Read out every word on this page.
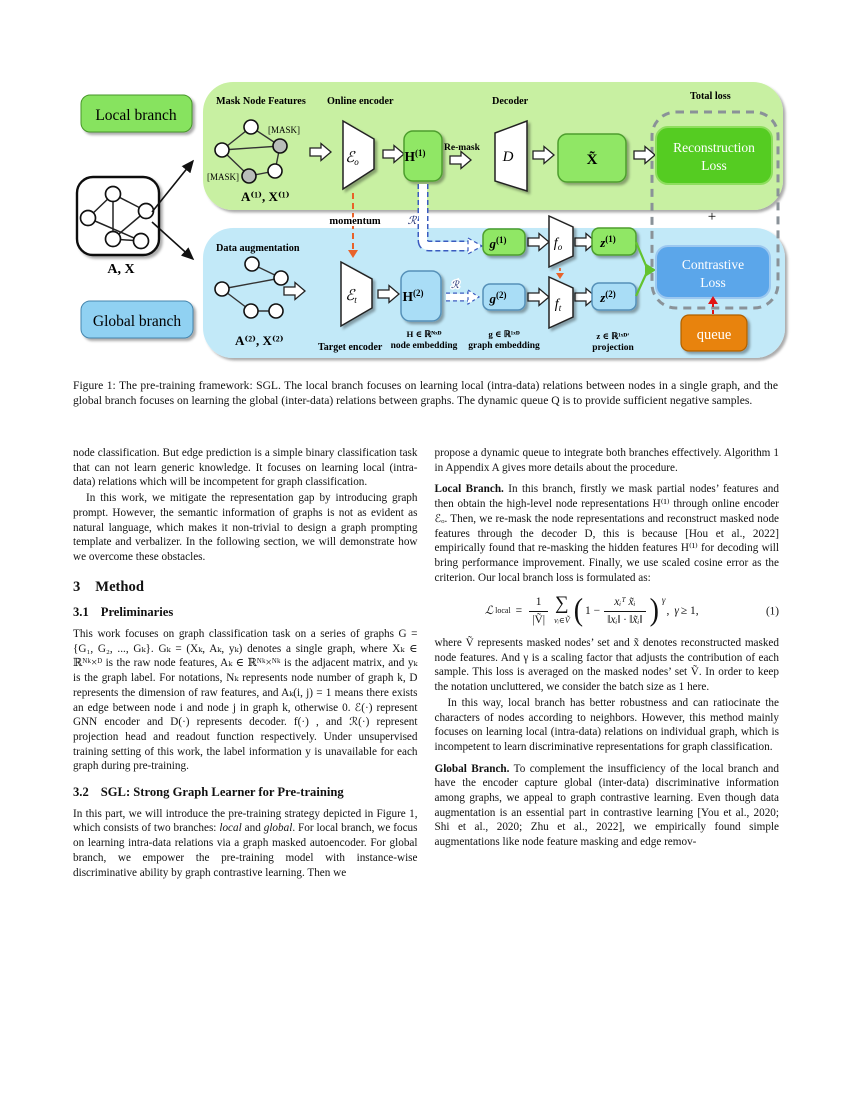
Local branch
Global branch
A, X
Mask Node Features Online encoder	Decoder	Total loss
[MASK]
[MASK]
A⁽¹⁾, X⁽¹⁾
ℰ$_o$	$H^{(1)}$ Re-mask
D	X̃
Reconstruction
Loss
+
momentum ℛ
Data augmentation
A⁽²⁾, X⁽²⁾
ℰ$_t$
Target encoder
$H^{(2)}$
ℛ
$g^{(1)}$
$g^{(2)}$
$f_o$
$f_t$
$z^{(1)}$
$z^{(2)}$
Contrastive
Loss
queue
H ∈ ℝᴺˣᴰ
node embedding
g ∈ ℝ¹ˣᴰ
graph embedding
z ∈ ℝ¹ˣᴰ′
projection
Figure 1: The pre-training framework: SGL. The local branch focuses on learning local (intra-data) relations between nodes in a single graph, and the global branch focuses on learning the global (inter-data) relations between graphs. The dynamic queue Q is to provide sufficient negative samples.

node classification. But edge prediction is a simple binary classification task that can not learn generic knowledge. It focuses on learning local (intra-data) relations which will be incompetent for graph classification.

In this work, we mitigate the representation gap by introducing graph prompt. However, the semantic information of graphs is not as evident as natural language, which makes it non-trivial to design a graph prompting template and verbalizer. In the following section, we will demonstrate how we overcome these obstacles.

3 Method
3.1 Preliminaries

This work focuses on graph classification task on a series of graphs G = {G₁, G₂, ..., Gₖ}. Gₖ = (Xₖ, Aₖ, yₖ) denotes a single graph, where Xₖ ∈ ℝᴺᵏ×ᴰ is the raw node features, Aₖ ∈ ℝᴺᵏ×ᴺᵏ is the adjacent matrix, and yₖ is the graph label. For notations, Nₖ represents node number of graph k, D represents the dimension of raw features, and Aₖ(i, j) = 1 means there exists an edge between node i and node j in graph k, otherwise 0. ℰ(·) represent GNN encoder and D(·) represents decoder. f(·) , and ℛ(·) represent projection head and readout function respectively. Under unsupervised training setting of this work, the label information y is unavailable for each graph during pre-training.

3.2 SGL: Strong Graph Learner for Pre-training

In this part, we will introduce the pre-training strategy depicted in Figure 1, which consists of two branches: local and global. For local branch, we focus on learning intra-data relations via a graph masked autoencoder. For global branch, we empower the pre-training model with instance-wise discriminative ability by graph contrastive learning. Then we

propose a dynamic queue to integrate both branches effectively. Algorithm 1 in Appendix A gives more details about the procedure.

Local Branch. In this branch, firstly we mask partial nodes’ features and then obtain the high-level node representations H⁽¹⁾ through online encoder ℰₒ. Then, we re-mask the node representations and reconstruct masked node features through the decoder D, this is because [Hou et al., 2022] empirically found that re-masking the hidden features H⁽¹⁾ for decoding will bring performance improvement. Finally, we use scaled cosine error as the criterion. Our local branch loss is formulated as:

ℒ local = $\frac{1}{\text{|Ṽ|}}$ ∑
vᵢ∈Ṽ ( $1 - \frac{\text{xᵢᵀ x̃ᵢ}}{\text{‖xᵢ‖ · ‖x̃ᵢ‖}}$ ) γ
, γ ≥ 1,	(1)

where Ṽ represents masked nodes’ set and x̃ denotes reconstructed masked node features. And γ is a scaling factor that adjusts the contribution of each sample. This loss is averaged on the masked nodes’ set Ṽ. In order to keep the notation uncluttered, we consider the batch size as 1 here.

In this way, local branch has better robustness and can ratiocinate the characters of nodes according to neighbors. However, this method mainly focuses on learning local (intra-data) relations on individual graph, which is incompetent to learn discriminative representations for graph classification.

Global Branch. To complement the insufficiency of the local branch and have the encoder capture global (inter-data) discriminative information among graphs, we appeal to graph contrastive learning. Even though data augmentation is an essential part in contrastive learning [You et al., 2020; Shi et al., 2020; Zhu et al., 2022], we empirically found simple augmentations like node feature masking and edge remov-
